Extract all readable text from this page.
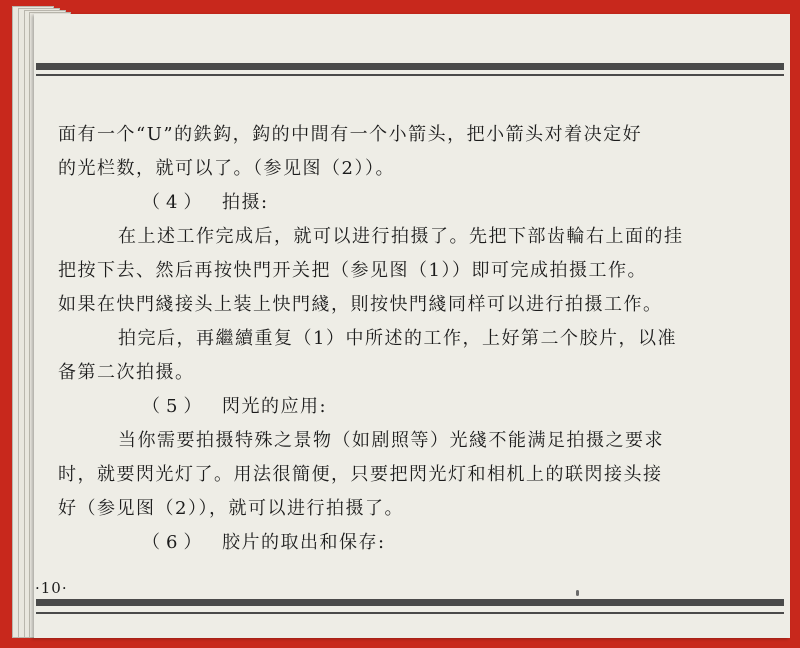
面有一个“U”的鉄鈎，鈎的中間有一个小箭头，把小箭头对着决定好
的光栏数，就可以了。（参见图（2））。
（4） 拍摄:
在上述工作完成后，就可以进行拍摄了。先把下部齿輪右上面的挂
把按下去、然后再按快門开关把（参见图（1））即可完成拍摄工作。
如果在快門綫接头上装上快門綫，則按快門綫同样可以进行拍摄工作。
拍完后，再繼續重复（1）中所述的工作，上好第二个胶片，以准
备第二次拍摄。
（5） 閃光的应用:
当你需要拍摄特殊之景物（如剧照等）光綫不能满足拍摄之要求
时，就要閃光灯了。用法很簡便，只要把閃光灯和相机上的联閃接头接
好（参见图（2）），就可以进行拍摄了。
（6） 胶片的取出和保存:
·10·
